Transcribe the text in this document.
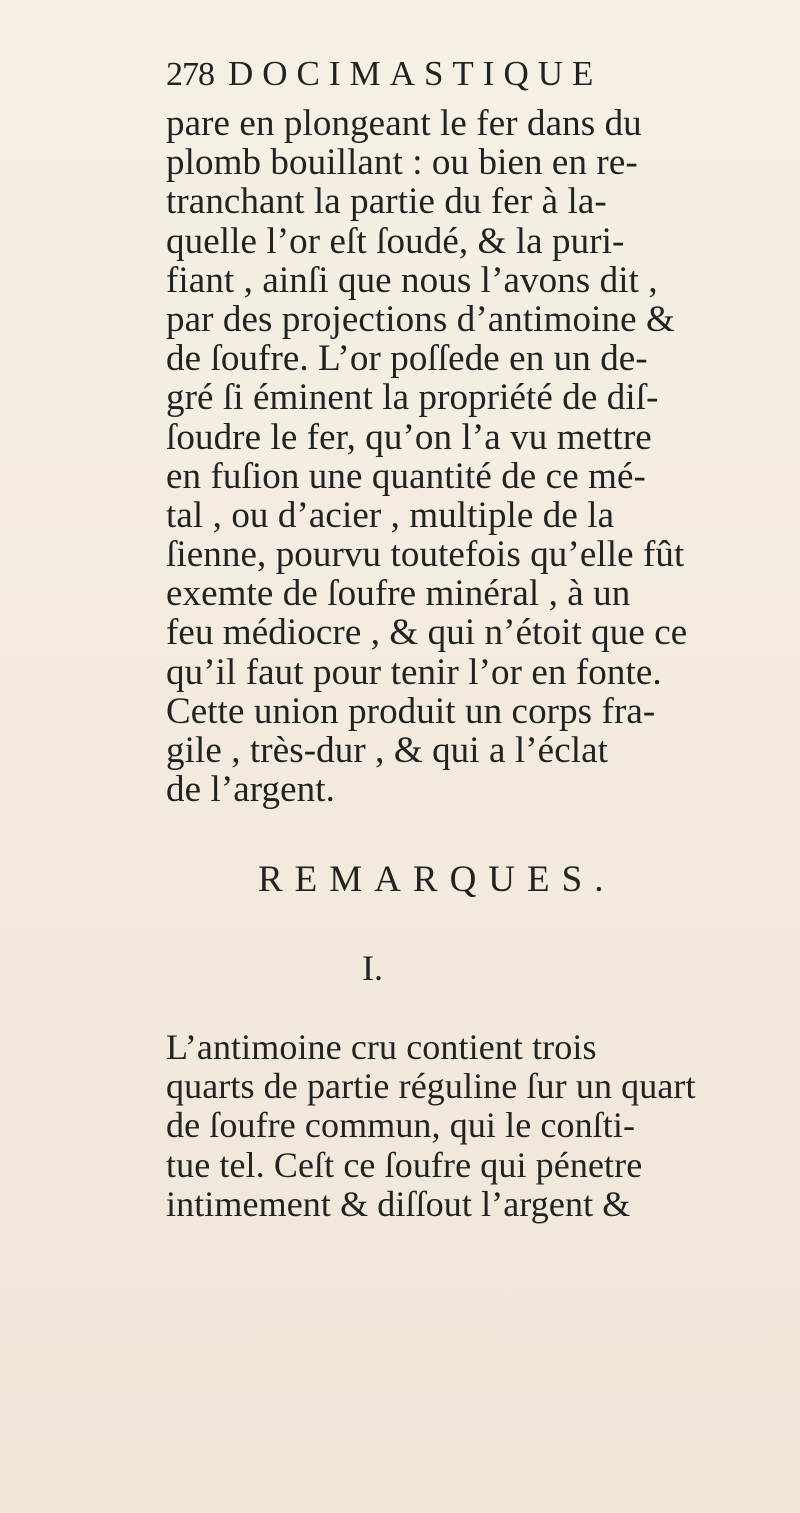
278 DOCIMASTIQUE
pare en plongeant le fer dans du
plomb bouillant : ou bien en re-
tranchant la partie du fer à la-
quelle l’or eſt ſoudé, & la puri-
fiant , ainſi que nous l’avons dit ,
par des projections d’antimoine &
de ſoufre. L’or poſſede en un de-
gré ſi éminent la propriété de diſ-
ſoudre le fer, qu’on l’a vu mettre
en fuſion une quantité de ce mé-
tal , ou d’acier , multiple de la
ſienne, pourvu toutefois qu’elle fût
exemte de ſoufre minéral , à un
feu médiocre , & qui n’étoit que ce
qu’il faut pour tenir l’or en fonte.
Cette union produit un corps fra-
gile , très-dur , & qui a l’éclat
de l’argent.
REMARQUES.
I.
L’antimoine cru contient trois
quarts de partie réguline ſur un quart
de ſoufre commun, qui le conſti-
tue tel. Ceſt ce ſoufre qui pénetre
intimement & diſſout l’argent &
